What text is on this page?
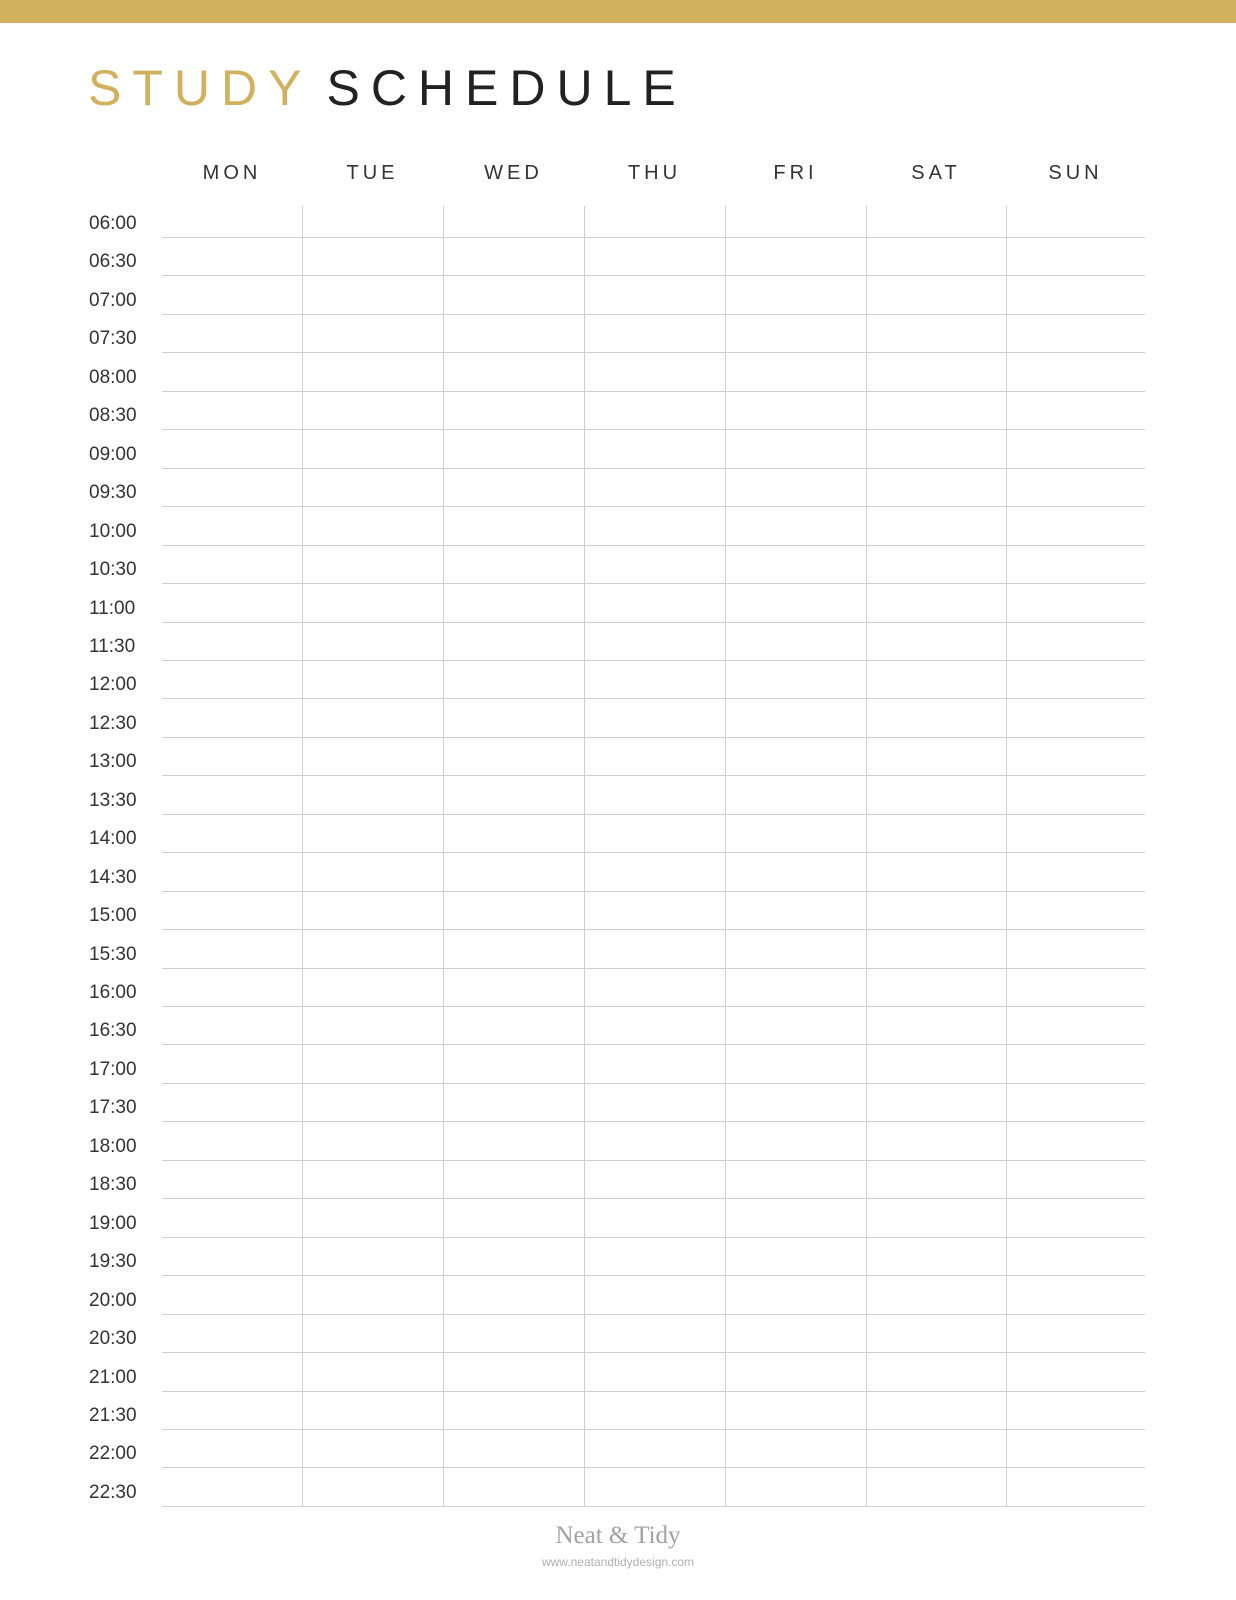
STUDY SCHEDULE
MON	TUE	WED	THU	FRI	SAT	SUN
06:00
06:30
07:00
07:30
08:00
08:30
09:00
09:30
10:00
10:30
11:00
11:30
12:00
12:30
13:00
13:30
14:00
14:30
15:00
15:30
16:00
16:30
17:00
17:30
18:00
18:30
19:00
19:30
20:00
20:30
21:00
21:30
22:00
22:30
Neat & Tidy
www.neatandtidydesign.com
